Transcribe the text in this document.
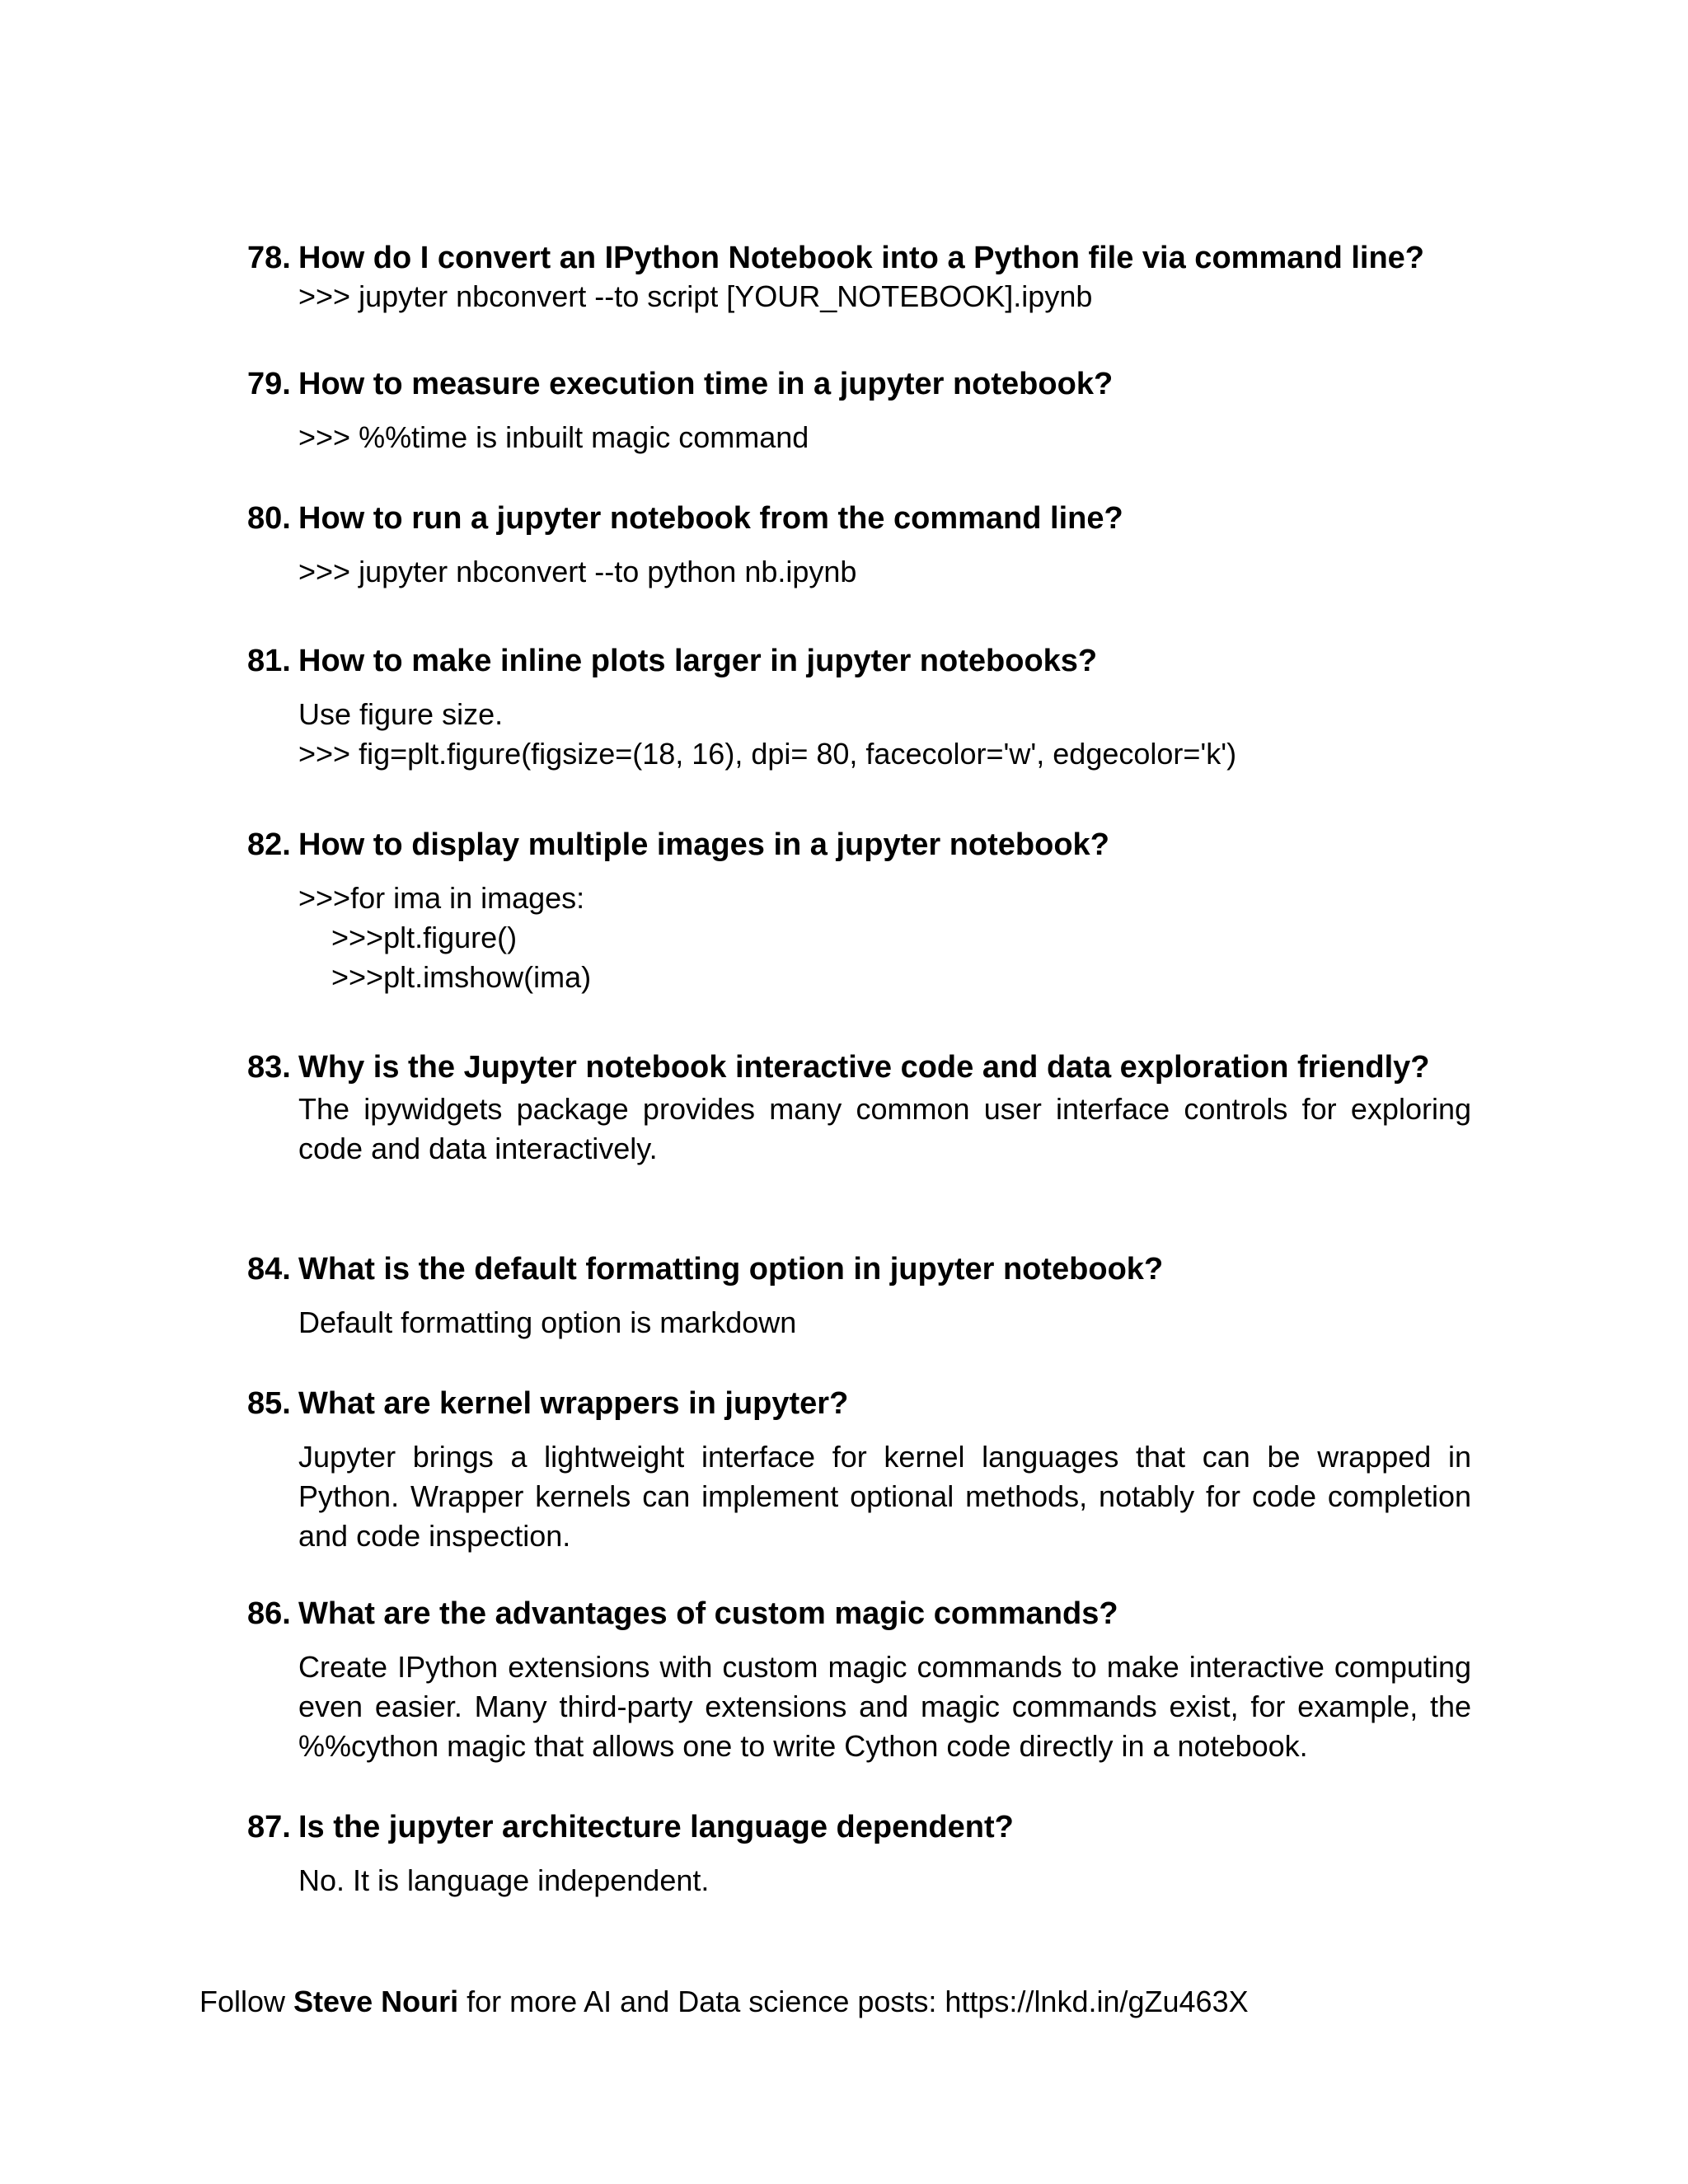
78. How do I convert an IPython Notebook into a Python file via command line?
>>> jupyter nbconvert --to script [YOUR_NOTEBOOK].ipynb
79. How to measure execution time in a jupyter notebook?
>>> %%time is inbuilt magic command
80. How to run a jupyter notebook from the command line?
>>> jupyter nbconvert --to python nb.ipynb
81. How to make inline plots larger in jupyter notebooks?
Use figure size.
>>> fig=plt.figure(figsize=(18, 16), dpi= 80, facecolor='w', edgecolor='k')
82. How to display multiple images in a jupyter notebook?
>>>for ima in images:
>>>plt.figure()
>>>plt.imshow(ima)
83. Why is the Jupyter notebook interactive code and data exploration friendly?
The ipywidgets package provides many common user interface controls for exploring code and data interactively.
84. What is the default formatting option in jupyter notebook?
Default formatting option is markdown
85. What are kernel wrappers in jupyter?
Jupyter brings a lightweight interface for kernel languages that can be wrapped in Python. Wrapper kernels can implement optional methods, notably for code completion and code inspection.
86. What are the advantages of custom magic commands?
Create IPython extensions with custom magic commands to make interactive computing even easier. Many third-party extensions and magic commands exist, for example, the %%cython magic that allows one to write Cython code directly in a notebook.
87. Is the jupyter architecture language dependent?
No. It is language independent.
Follow Steve Nouri for more AI and Data science posts: https://lnkd.in/gZu463X
